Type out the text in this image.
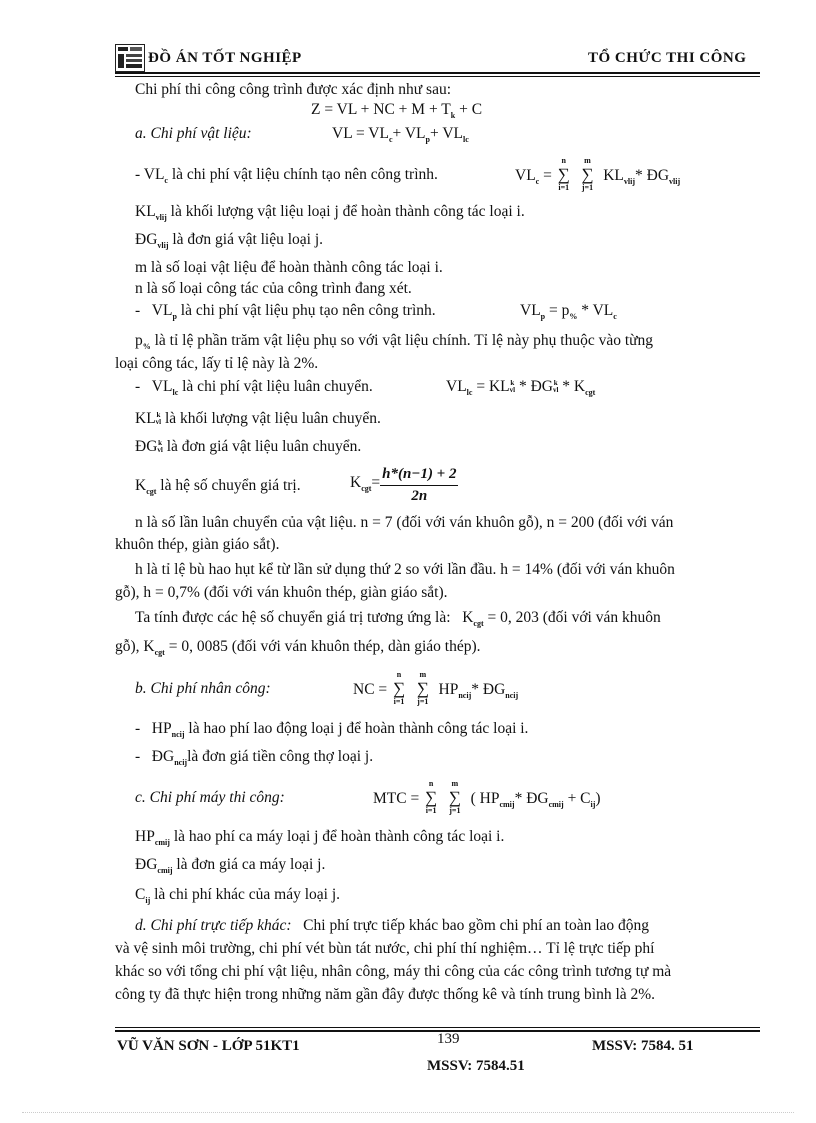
ĐỒ ÁN TỐT NGHIỆP	TỔ CHỨC THI CÔNG
Chi phí thi công công trình được xác định như sau:
Z = VL + NC + $M + T_k + C$
a. Chi phí vật liệu:	VL = $VL_c+ VL_p+ VL_{lc}$
- $VL_c$ là chi phí vật liệu chính tạo nên công trình.	$VL_c$ =
n
∑
i=1

m
∑
j=1
$KL_{vlij}*$ $ĐG_{vlij}$
$KL_{vlij}$ là khối lượng vật liệu loại j để hoàn thành công tác loại i.
$ĐG_{vlij}$ là đơn giá vật liệu loại j.
m là số loại vật liệu để hoàn thành công tác loại i.
n là số loại công tác của công trình đang xét.
- $VL_p$ là chi phí vật liệu phụ tạo nên công trình.	$VL_p = p_{\%} * VL_c$
$p_{\%}$ là tỉ lệ phần trăm vật liệu phụ so với vật liệu chính. Tỉ lệ này phụ thuộc vào từng
loại công tác, lấy tỉ lệ này là 2%.
- $VL_{lc}$ là chi phí vật liệu luân chuyển.	$VL_{lc}$ = KLk
vl * ĐGk
vl * $K_{cgt}$
KLk
vl là khối lượng vật liệu luân chuyển.
ĐGk
vl là đơn giá vật liệu luân chuyển.
$K_{cgt}$ là hệ số chuyển giá trị.	$K_{cgt}= \frac{h*(n-1) + 2}{2n}$
n là số lần luân chuyển của vật liệu. n = 7 (đối với ván khuôn gỗ), n = 200 (đối với ván
khuôn thép, giàn giáo sắt).
h là tỉ lệ bù hao hụt kể từ lần sử dụng thứ 2 so với lần đầu. h = 14% (đối với ván khuôn
gỗ), h = 0,7% (đối với ván khuôn thép, giàn giáo sắt).
Ta tính được các hệ số chuyển giá trị tương ứng là: $K_{cgt} = 0$, 203 (đối với ván khuôn
gỗ), $K_{cgt} = 0$, 0085 (đối với ván khuôn thép, dàn giáo thép).
b. Chi phí nhân công:	NC =
n
∑
i=1

m
∑
j=1
$HP_{ncij}*$ $ĐG_{ncij}$
- $HP_{ncij}$ là hao phí lao động loại j để hoàn thành công tác loại i.
- $ĐG_{ncij}là$ đơn giá tiền công thợ loại j.
c. Chi phí máy thi công:	MTC =
n
∑
i=1

m
∑
j=1
( $HP_{cmij}*$ $ĐG_{cmij} + C_{ij}$)
$HP_{cmij}$ là hao phí ca máy loại j để hoàn thành công tác loại i.
$ĐG_{cmij}$ là đơn giá ca máy loại j.
$C_{ij}$ là chi phí khác của máy loại j.
d. Chi phí trực tiếp khác: Chi phí trực tiếp khác bao gồm chi phí an toàn lao động
và vệ sinh môi trường, chi phí vét bùn tát nước, chi phí thí nghiệm… Tỉ lệ trực tiếp phí
khác so với tổng chi phí vật liệu, nhân công, máy thi công của các công trình tương tự mà
công ty đã thực hiện trong những năm gần đây được thống kê và tính trung bình là 2%.
VŨ VĂN SƠN - LỚP 51KT1	139	MSSV: 7584. 51
MSSV: 7584.51
